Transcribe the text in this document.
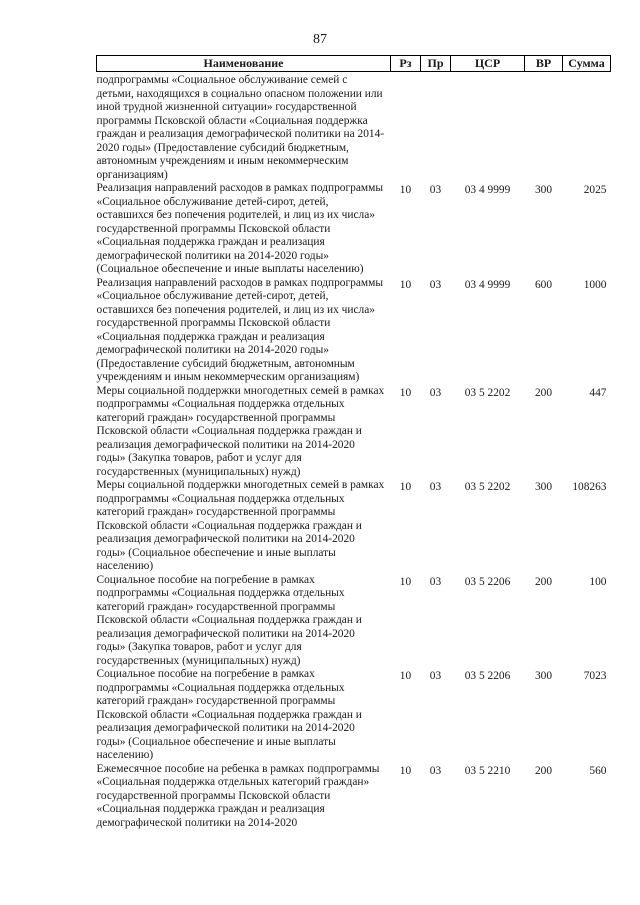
87
Наименование	Рз	Пр	ЦСР	ВР	Сумма
подпрограммы «Социальное обслуживание семей с детьми, находящихся в социально опасном положении или иной трудной жизненной ситуации» государственной программы Псковской области «Социальная поддержка граждан и реализация демографической политики на 2014-2020 годы» (Предоставление субсидий бюджетным, автономным учреждениям и иным некоммерческим организациям)					
Реализация направлений расходов в рамках подпрограммы «Социальное обслуживание детей-сирот, детей, оставшихся без попечения родителей, и лиц из их числа» государственной программы Псковской области «Социальная поддержка граждан и реализация демографической политики на 2014-2020 годы» (Социальное обеспечение и иные выплаты населению)	10	03	03 4 9999	300	2025
Реализация направлений расходов в рамках подпрограммы «Социальное обслуживание детей-сирот, детей, оставшихся без попечения родителей, и лиц из их числа» государственной программы Псковской области «Социальная поддержка граждан и реализация демографической политики на 2014-2020 годы» (Предоставление субсидий бюджетным, автономным учреждениям и иным некоммерческим организациям)	10	03	03 4 9999	600	1000
Меры социальной поддержки многодетных семей в рамках подпрограммы «Социальная поддержка отдельных категорий граждан» государственной программы Псковской области «Социальная поддержка граждан и реализация демографической политики на 2014-2020 годы» (Закупка товаров, работ и услуг для государственных (муниципальных) нужд)	10	03	03 5 2202	200	447
Меры социальной поддержки многодетных семей в рамках подпрограммы «Социальная поддержка отдельных категорий граждан» государственной программы Псковской области «Социальная поддержка граждан и реализация демографической политики на 2014-2020 годы» (Социальное обеспечение и иные выплаты населению)	10	03	03 5 2202	300	108263
Социальное пособие на погребение в рамках подпрограммы «Социальная поддержка отдельных категорий граждан» государственной программы Псковской области «Социальная поддержка граждан и реализация демографической политики на 2014-2020 годы» (Закупка товаров, работ и услуг для государственных (муниципальных) нужд)	10	03	03 5 2206	200	100
Социальное пособие на погребение в рамках подпрограммы «Социальная поддержка отдельных категорий граждан» государственной программы Псковской области «Социальная поддержка граждан и реализация демографической политики на 2014-2020 годы» (Социальное обеспечение и иные выплаты населению)	10	03	03 5 2206	300	7023
Ежемесячное пособие на ребенка в рамках подпрограммы «Социальная поддержка отдельных категорий граждан» государственной программы Псковской области «Социальная поддержка граждан и реализация демографической политики на 2014-2020	10	03	03 5 2210	200	560
